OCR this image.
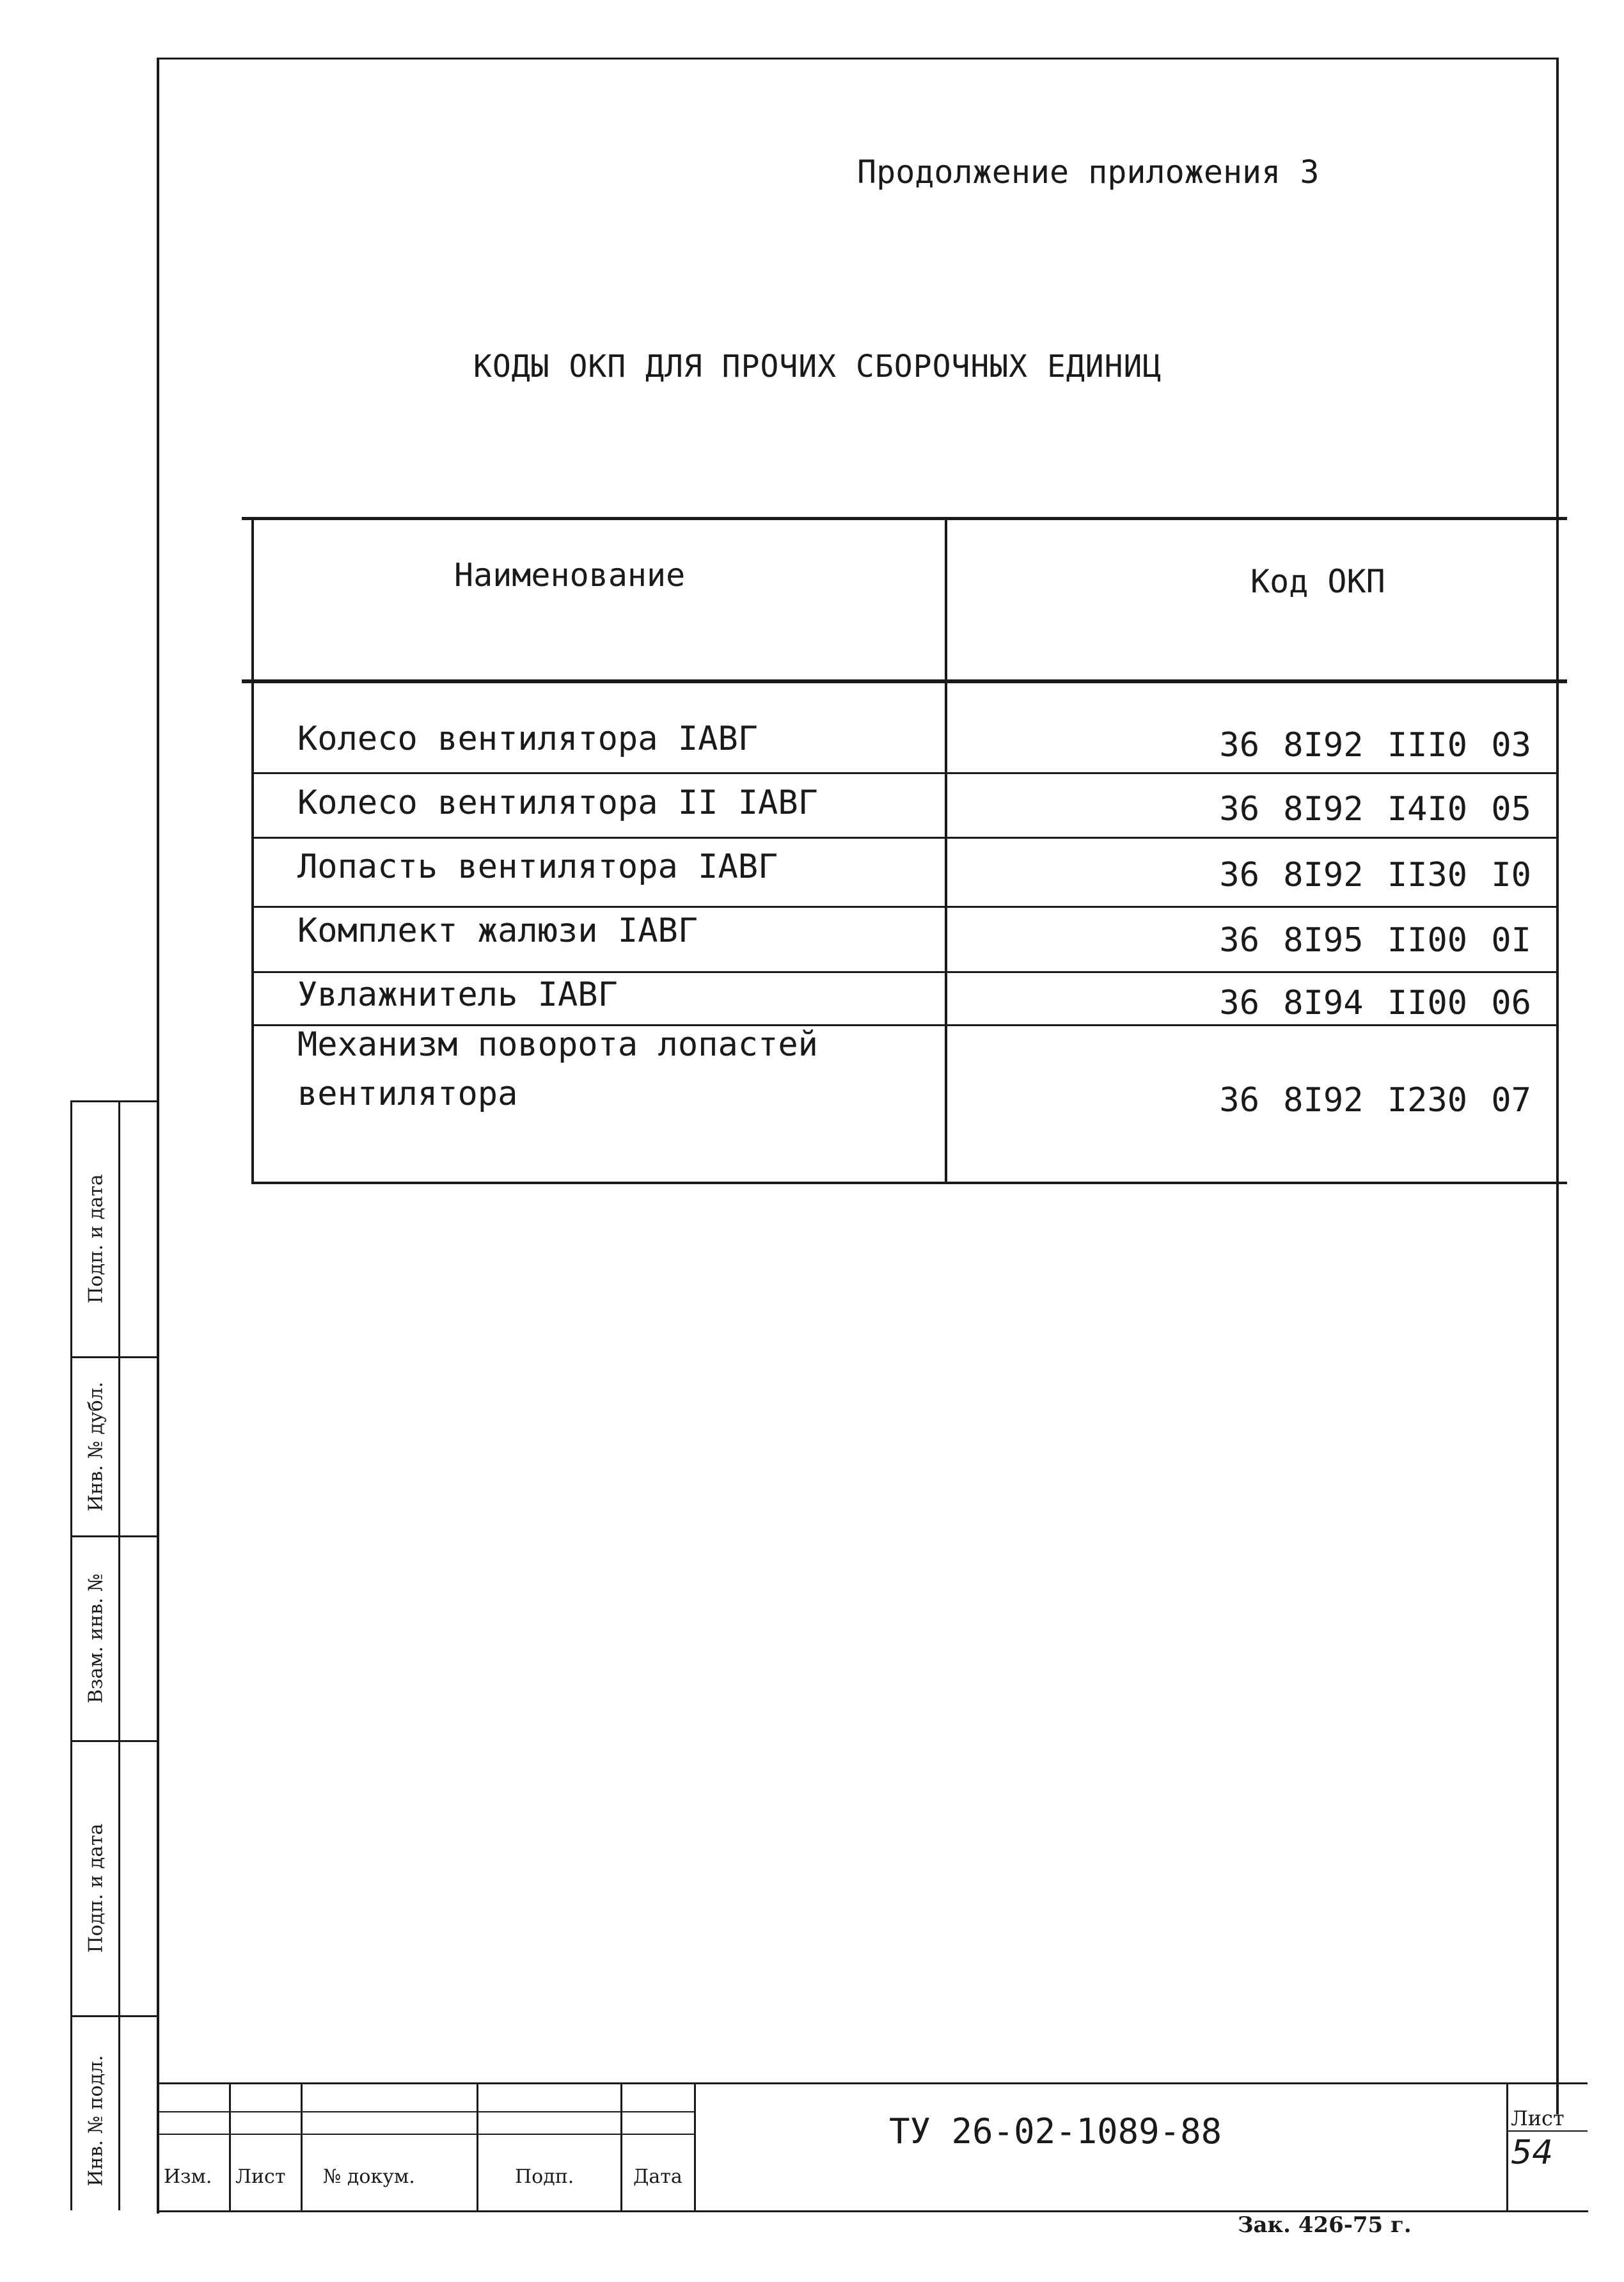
Продолжение приложения 3
КОДЫ ОКП ДЛЯ ПРОЧИХ СБОРОЧНЫХ ЕДИНИЦ
Наименование	Код ОКП
Колесо вентилятора IАВГ	36 8I92 III0 03
Колесо вентилятора II IАВГ	36 8I92 I4I0 05
Лопасть вентилятора IАВГ	36 8I92 II30 I0
Комплект жалюзи IАВГ	36 8I95 II00 0I
Увлажнитель IАВГ	36 8I94 II00 06
Механизм поворота лопастей
вентилятора	36 8I92 I230 07
Подп. и дата
Инв. № дубл.
Взам. инв. №
Подп. и дата
Инв. № подл.	Изм. Лист № докум.	Подп.	Дата
ТУ 26-02-1089-88	Лист
54
Зак. 426-75 г.
